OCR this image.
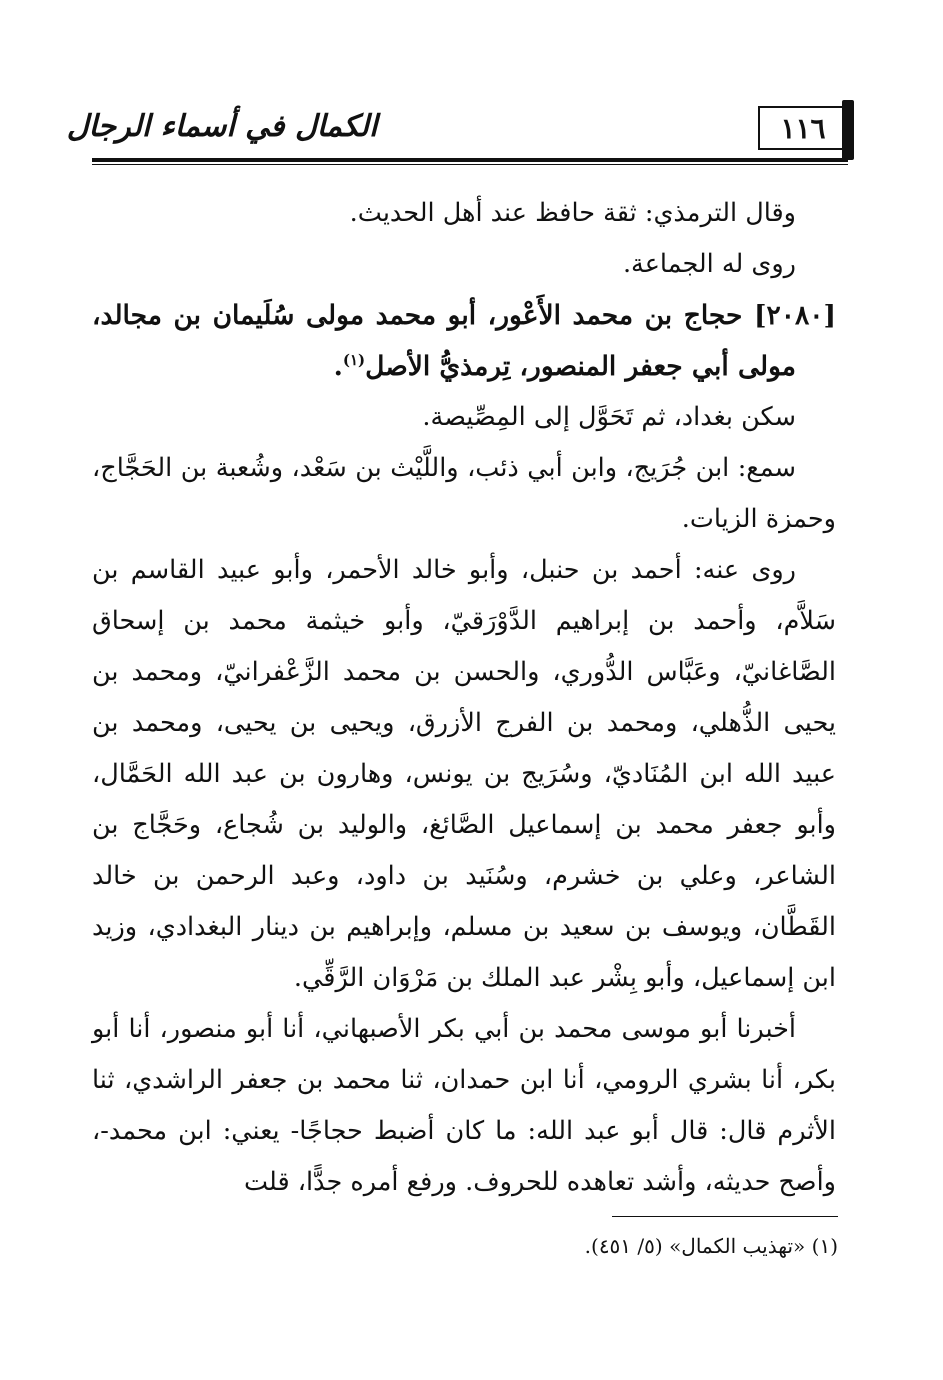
الكمال في أسماء الرجال	١١٦

وقال الترمذي: ثقة حافظ عند أهل الحديث.

روى له الجماعة.

[٢٠٨٠] حجاج بن محمد الأَعْور، أبو محمد مولى سُلَيمان بن مجالد، مولى أبي جعفر المنصور، تِرمذيُّ الأصل$^{(١)}$.

سكن بغداد، ثم تَحَوَّل إلى المِصِّيصة.

سمع: ابن جُرَيج، وابن أبي ذئب، واللَّيْث بن سَعْد، وشُعبة بن الحَجَّاج، وحمزة الزيات.

روى عنه: أحمد بن حنبل، وأبو خالد الأحمر، وأبو عبيد القاسم بن سَلاَّم، وأحمد بن إبراهيم الدَّوْرَقيّ، وأبو خيثمة محمد بن إسحاق الصَّاغانيّ، وعَبَّاس الدُّوري، والحسن بن محمد الزَّعْفرانيّ، ومحمد بن يحيى الذُّهلي، ومحمد بن الفرج الأزرق، ويحيى بن يحيى، ومحمد بن عبيد الله ابن المُنَاديّ، وسُرَيج بن يونس، وهارون بن عبد الله الحَمَّال، وأبو جعفر محمد بن إسماعيل الصَّائغ، والوليد بن شُجاع، وحَجَّاج بن الشاعر، وعلي بن خشرم، وسُنَيد بن داود، وعبد الرحمن بن خالد القَطَّان، ويوسف بن سعيد بن مسلم، وإبراهيم بن دينار البغدادي، وزيد ابن إسماعيل، وأبو بِشْر عبد الملك بن مَرْوَان الرَّقِّي.

أخبرنا أبو موسى محمد بن أبي بكر الأصبهاني، أنا أبو منصور، أنا أبو بكر، أنا بشري الرومي، أنا ابن حمدان، ثنا محمد بن جعفر الراشدي، ثنا الأثرم قال: قال أبو عبد الله: ما كان أضبط حجاجًا- يعني: ابن محمد-، وأصح حديثه، وأشد تعاهده للحروف. ورفع أمره جدًّا، قلت

(١) «تهذيب الكمال» (٥/ ٤٥١).
